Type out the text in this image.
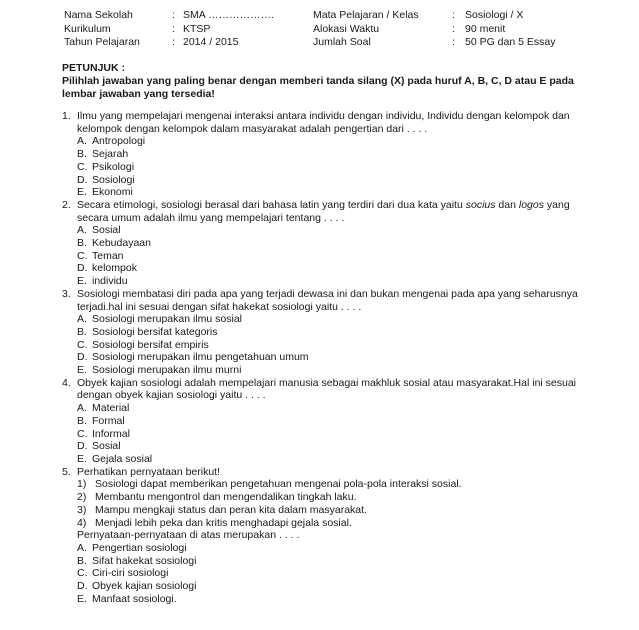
Nama Sekolah
Kurikulum
Tahun Pelajaran
:
:
:
SMA ……………….
KTSP
2014 / 2015
Mata Pelajaran / Kelas
Alokasi Waktu
Jumlah Soal
:
:
:
Sosiologi / X
90 menit
50 PG dan 5 Essay
PETUNJUK :
Pilihlah jawaban yang paling benar dengan memberi tanda silang (X) pada huruf A, B, C, D atau E pada lembar jawaban yang tersedia!
1. Ilmu yang mempelajari mengenai interaksi antara individu dengan individu, Individu dengan kelompok dan kelompok dengan kelompok dalam masyarakat adalah pengertian dari . . . .
A. Antropologi
B. Sejarah
C. Psikologi
D. Sosiologi
E. Ekonomi
2. Secara etimologi, sosiologi berasal dari bahasa latin yang terdiri dari dua kata yaitu socius dan logos yang secara umum adalah ilmu yang mempelajari tentang . . . .
A. Sosial
B. Kebudayaan
C. Teman
D. kelompok
E. individu
3. Sosiologi membatasi diri pada apa yang terjadi dewasa ini dan bukan mengenai pada apa yang seharusnya terjadi.hal ini sesuai dengan sifat hakekat sosiologi yaitu . . . .
A. Sosiologi merupakan ilmu sosial
B. Sosiologi bersifat kategoris
C. Sosiologi bersifat empiris
D. Sosiologi merupakan ilmu pengetahuan umum
E. Sosiologi merupakan ilmu murni
4. Obyek kajian sosiologi adalah mempelajari manusia sebagai makhluk sosial atau masyarakat.Hal ini sesuai dengan obyek kajian sosiologi yaitu . . . .
A. Material
B. Formal
C. Informal
D. Sosial
E. Gejala sosial
5. Perhatikan pernyataan berikut!
1) Sosiologi dapat memberikan pengetahuan mengenai pola-pola interaksi sosial.
2) Membantu mengontrol dan mengendalikan tingkah laku.
3) Mampu mengkaji status dan peran kita dalam masyarakat.
4) Menjadi lebih peka dan kritis menghadapi gejala sosial.
Pernyataan-pernyataan di atas merupakan . . . .
A. Pengertian sosiologi
B. Sifat hakekat sosiologi
C. Ciri-ciri sosiologi
D. Obyek kajian sosiologi
E. Manfaat sosiologi.
